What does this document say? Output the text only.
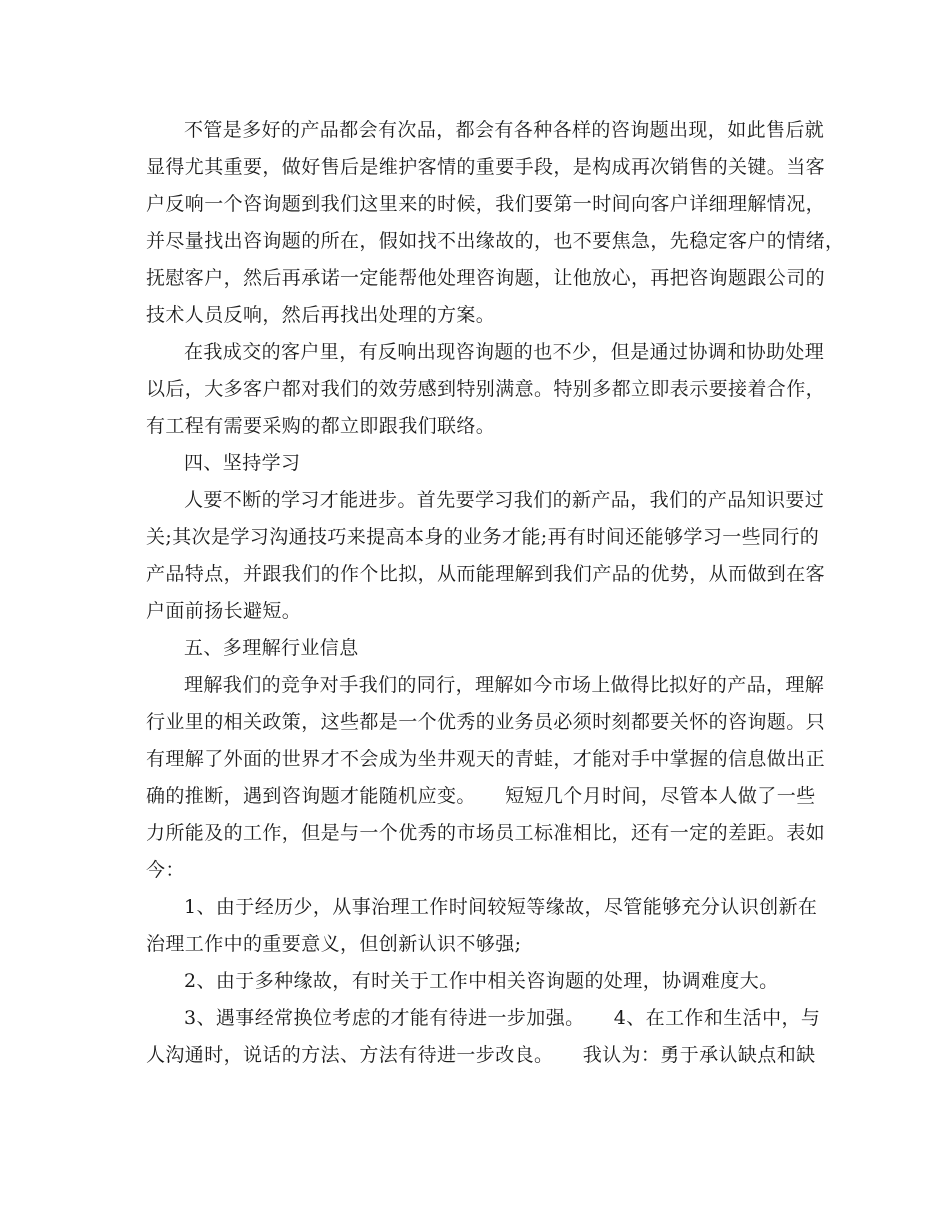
不管是多好的产品都会有次品，都会有各种各样的咨询题出现，如此售后就
显得尤其重要，做好售后是维护客情的重要手段，是构成再次销售的关键。当客
户反响一个咨询题到我们这里来的时候，我们要第一时间向客户详细理解情况，
并尽量找出咨询题的所在，假如找不出缘故的，也不要焦急，先稳定客户的情绪，
抚慰客户，然后再承诺一定能帮他处理咨询题，让他放心，再把咨询题跟公司的
技术人员反响，然后再找出处理的方案。
在我成交的客户里，有反响出现咨询题的也不少，但是通过协调和协助处理
以后，大多客户都对我们的效劳感到特别满意。特别多都立即表示要接着合作，
有工程有需要采购的都立即跟我们联络。
四、坚持学习
人要不断的学习才能进步。首先要学习我们的新产品，我们的产品知识要过
关;其次是学习沟通技巧来提高本身的业务才能;再有时间还能够学习一些同行的
产品特点，并跟我们的作个比拟，从而能理解到我们产品的优势，从而做到在客
户面前扬长避短。
五、多理解行业信息
理解我们的竞争对手我们的同行，理解如今市场上做得比拟好的产品，理解
行业里的相关政策，这些都是一个优秀的业务员必须时刻都要关怀的咨询题。只
有理解了外面的世界才不会成为坐井观天的青蛙，才能对手中掌握的信息做出正
确的推断，遇到咨询题才能随机应变。　　短短几个月时间，尽管本人做了一些
力所能及的工作，但是与一个优秀的市场员工标准相比，还有一定的差距。表如
今：
1、由于经历少，从事治理工作时间较短等缘故，尽管能够充分认识创新在
治理工作中的重要意义，但创新认识不够强;
2、由于多种缘故，有时关于工作中相关咨询题的处理，协调难度大。
3、遇事经常换位考虑的才能有待进一步加强。　　4、在工作和生活中，与
人沟通时，说话的方法、方法有待进一步改良。　　我认为：勇于承认缺点和缺
